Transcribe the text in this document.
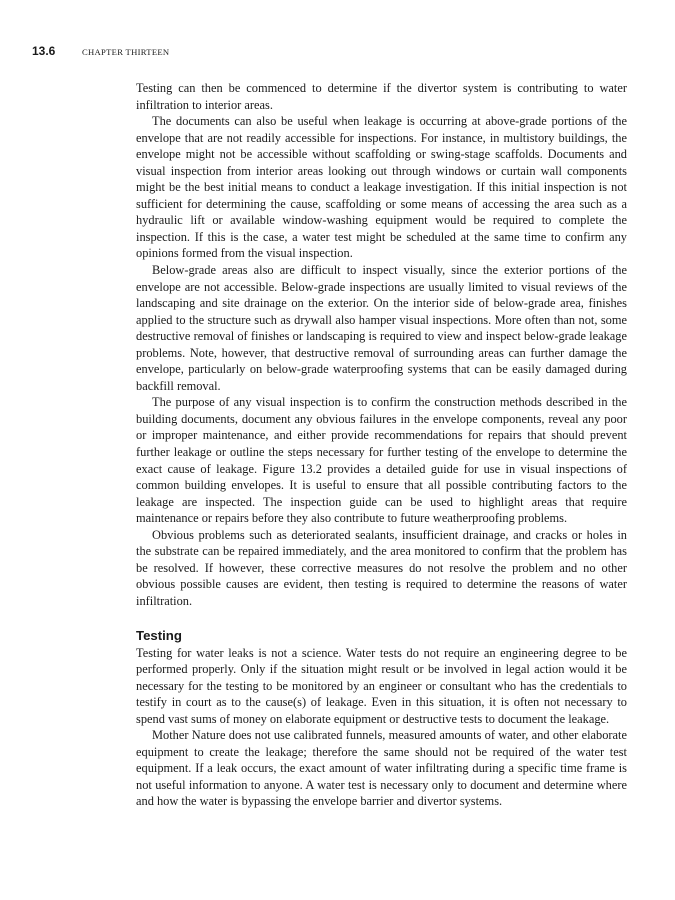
13.6	CHAPTER THIRTEEN

Testing can then be commenced to determine if the divertor system is contributing to water infiltration to interior areas.

The documents can also be useful when leakage is occurring at above-grade portions of the envelope that are not readily accessible for inspections. For instance, in multistory buildings, the envelope might not be accessible without scaffolding or swing-stage scaffolds. Documents and visual inspection from interior areas looking out through windows or curtain wall components might be the best initial means to conduct a leakage investigation. If this initial inspection is not sufficient for determining the cause, scaffolding or some means of accessing the area such as a hydraulic lift or available window-washing equipment would be required to complete the inspection. If this is the case, a water test might be scheduled at the same time to confirm any opinions formed from the visual inspection.

Below-grade areas also are difficult to inspect visually, since the exterior portions of the envelope are not accessible. Below-grade inspections are usually limited to visual reviews of the landscaping and site drainage on the exterior. On the interior side of below-grade area, finishes applied to the structure such as drywall also hamper visual inspections. More often than not, some destructive removal of finishes or landscaping is required to view and inspect below-grade leakage problems. Note, however, that destructive removal of surrounding areas can further damage the envelope, particularly on below-grade waterproofing systems that can be easily damaged during backfill removal.

The purpose of any visual inspection is to confirm the construction methods described in the building documents, document any obvious failures in the envelope components, reveal any poor or improper maintenance, and either provide recommendations for repairs that should prevent further leakage or outline the steps necessary for further testing of the envelope to determine the exact cause of leakage. Figure 13.2 provides a detailed guide for use in visual inspections of common building envelopes. It is useful to ensure that all possible contributing factors to the leakage are inspected. The inspection guide can be used to highlight areas that require maintenance or repairs before they also contribute to future weatherproofing problems.

Obvious problems such as deteriorated sealants, insufficient drainage, and cracks or holes in the substrate can be repaired immediately, and the area monitored to confirm that the problem has be resolved. If however, these corrective measures do not resolve the problem and no other obvious possible causes are evident, then testing is required to determine the reasons of water infiltration.

Testing

Testing for water leaks is not a science. Water tests do not require an engineering degree to be performed properly. Only if the situation might result or be involved in legal action would it be necessary for the testing to be monitored by an engineer or consultant who has the credentials to testify in court as to the cause(s) of leakage. Even in this situation, it is often not necessary to spend vast sums of money on elaborate equipment or destructive tests to document the leakage.

Mother Nature does not use calibrated funnels, measured amounts of water, and other elaborate equipment to create the leakage; therefore the same should not be required of the water test equipment. If a leak occurs, the exact amount of water infiltrating during a specific time frame is not useful information to anyone. A water test is necessary only to document and determine where and how the water is bypassing the envelope barrier and divertor systems.
